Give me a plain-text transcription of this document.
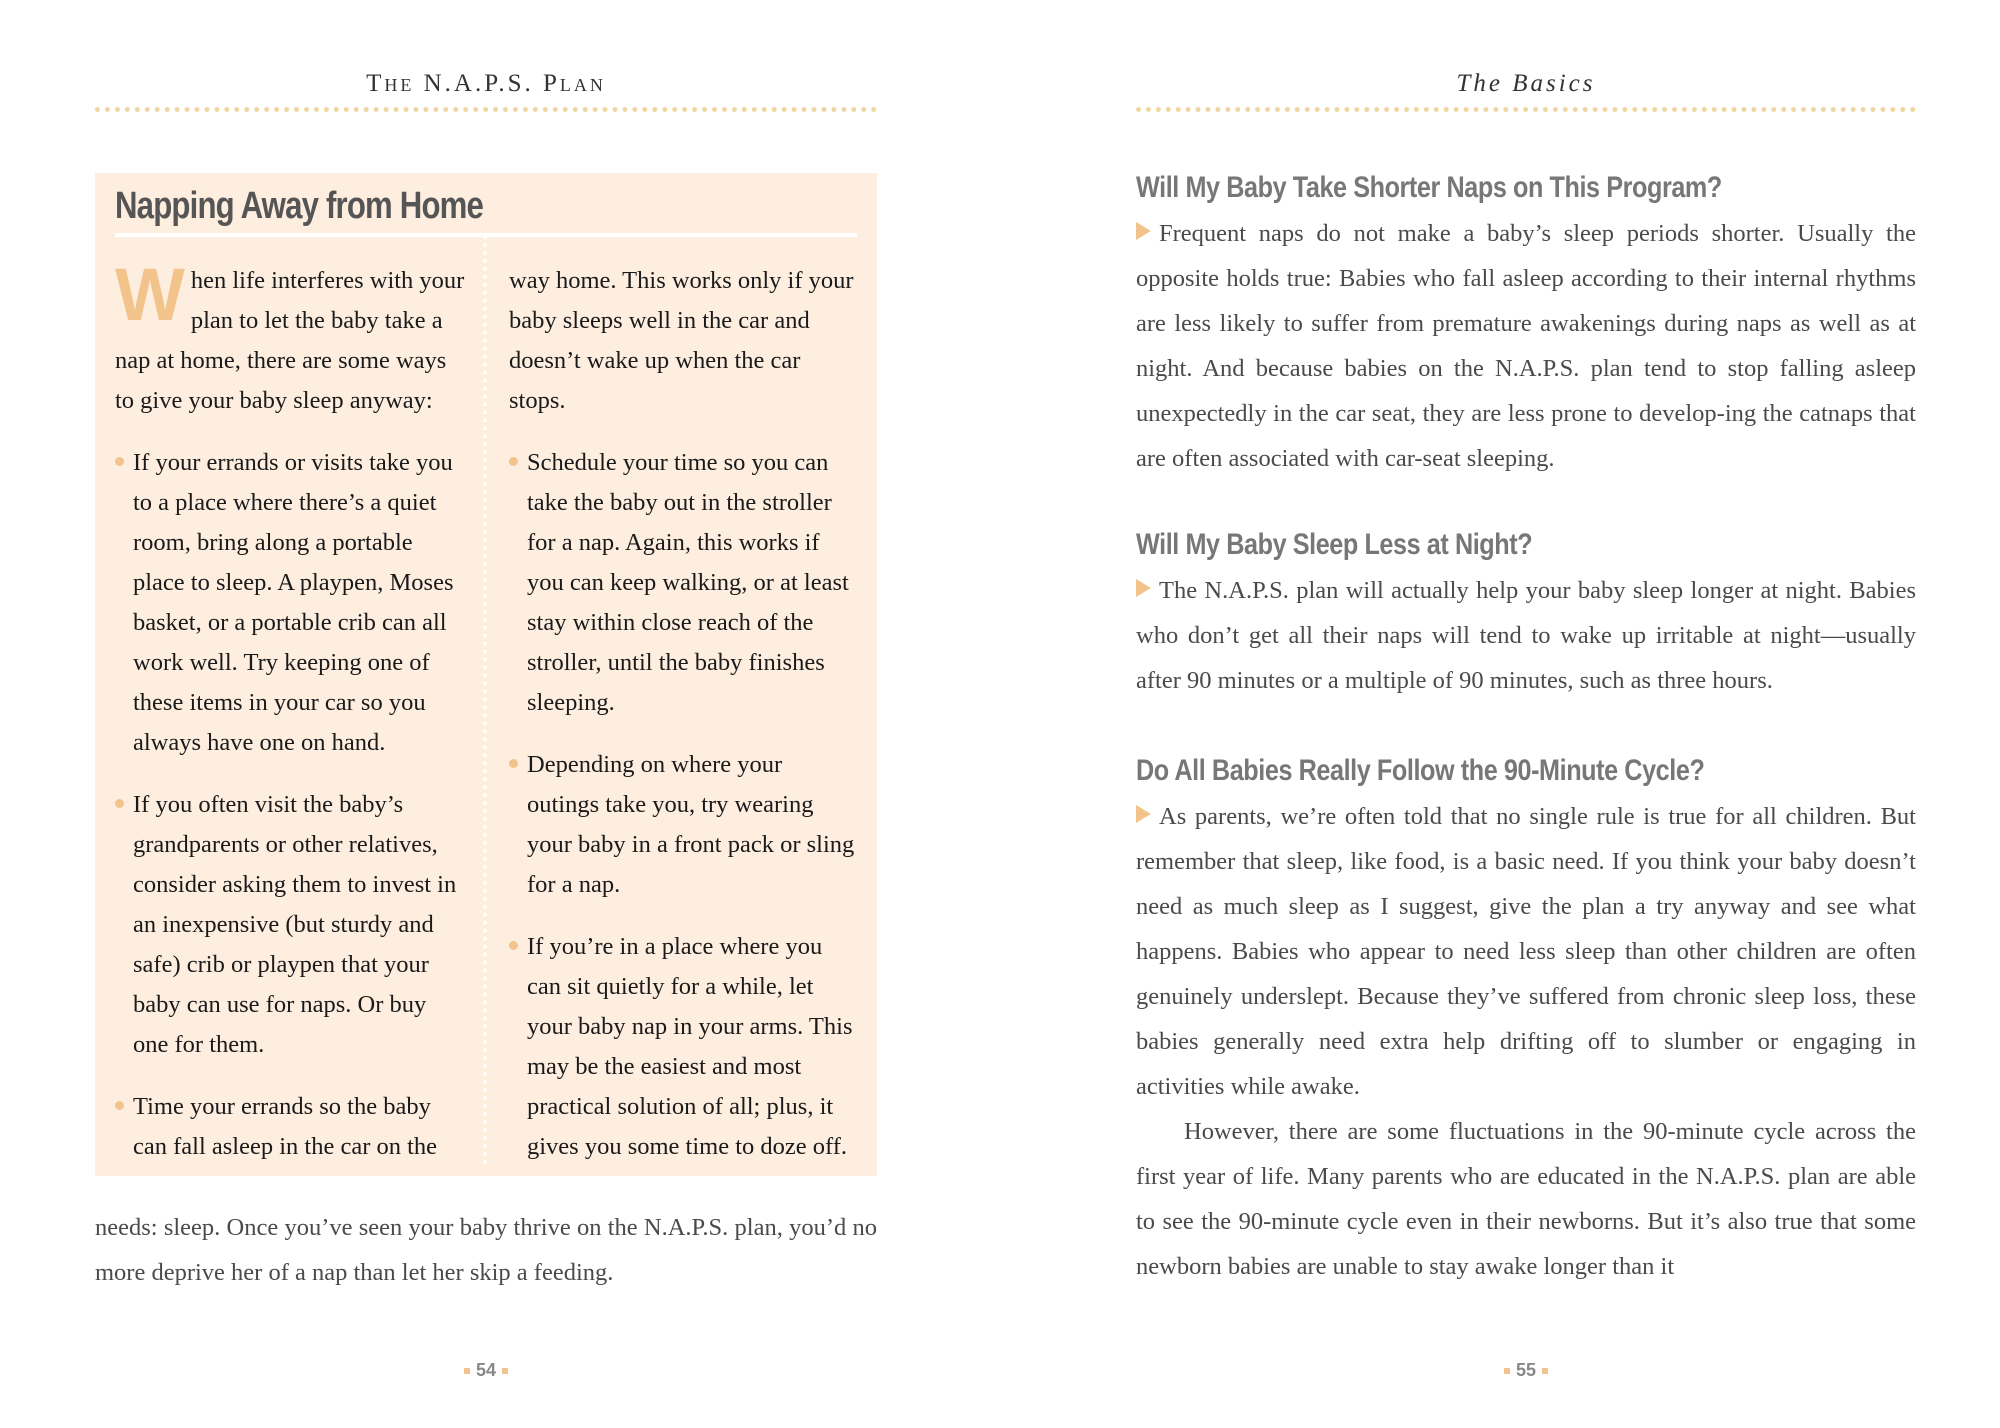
The N.A.P.S. Plan
Napping Away from Home

When life interferes with your plan to let the baby take a nap at home, there are some ways to give your baby sleep anyway:

If your errands or visits take you to a place where there’s a quiet room, bring along a portable place to sleep. A playpen, Moses basket, or a portable crib can all work well. Try keeping one of these items in your car so you always have one on hand.
If you often visit the baby’s grandparents or other relatives, consider asking them to invest in an inexpensive (but sturdy and safe) crib or playpen that your baby can use for naps. Or buy one for them.
Time your errands so the baby can fall asleep in the car on the

way home. This works only if your baby sleeps well in the car and doesn’t wake up when the car stops.

Schedule your time so you can take the baby out in the stroller for a nap. Again, this works if you can keep walking, or at least stay within close reach of the stroller, until the baby finishes sleeping.
Depending on where your outings take you, try wearing your baby in a front pack or sling for a nap.
If you’re in a place where you can sit quietly for a while, let your baby nap in your arms. This may be the easiest and most practical solution of all; plus, it gives you some time to doze off.

needs: sleep. Once you’ve seen your baby thrive on the N.A.P.S. plan, you’d no more deprive her of a nap than let her skip a feeding.

54
The Basics
Will My Baby Take Shorter Naps on This Program?

Frequent naps do not make a baby’s sleep periods shorter. Usually the opposite holds true: Babies who fall asleep according to their internal rhythms are less likely to suffer from premature awakenings during naps as well as at night. And because babies on the N.A.P.S. plan tend to stop falling asleep unexpectedly in the car seat, they are less prone to develop-ing the catnaps that are often associated with car-seat sleeping.

Will My Baby Sleep Less at Night?

The N.A.P.S. plan will actually help your baby sleep longer at night. Babies who don’t get all their naps will tend to wake up irritable at night—usually after 90 minutes or a multiple of 90 minutes, such as three hours.

Do All Babies Really Follow the 90-Minute Cycle?

As parents, we’re often told that no single rule is true for all children. But remember that sleep, like food, is a basic need. If you think your baby doesn’t need as much sleep as I suggest, give the plan a try anyway and see what happens. Babies who appear to need less sleep than other children are often genuinely underslept. Because they’ve suffered from chronic sleep loss, these babies generally need extra help drifting off to slumber or engaging in activities while awake.

However, there are some fluctuations in the 90-minute cycle across the first year of life. Many parents who are educated in the N.A.P.S. plan are able to see the 90-minute cycle even in their newborns. But it’s also true that some newborn babies are unable to stay awake longer than it

55
